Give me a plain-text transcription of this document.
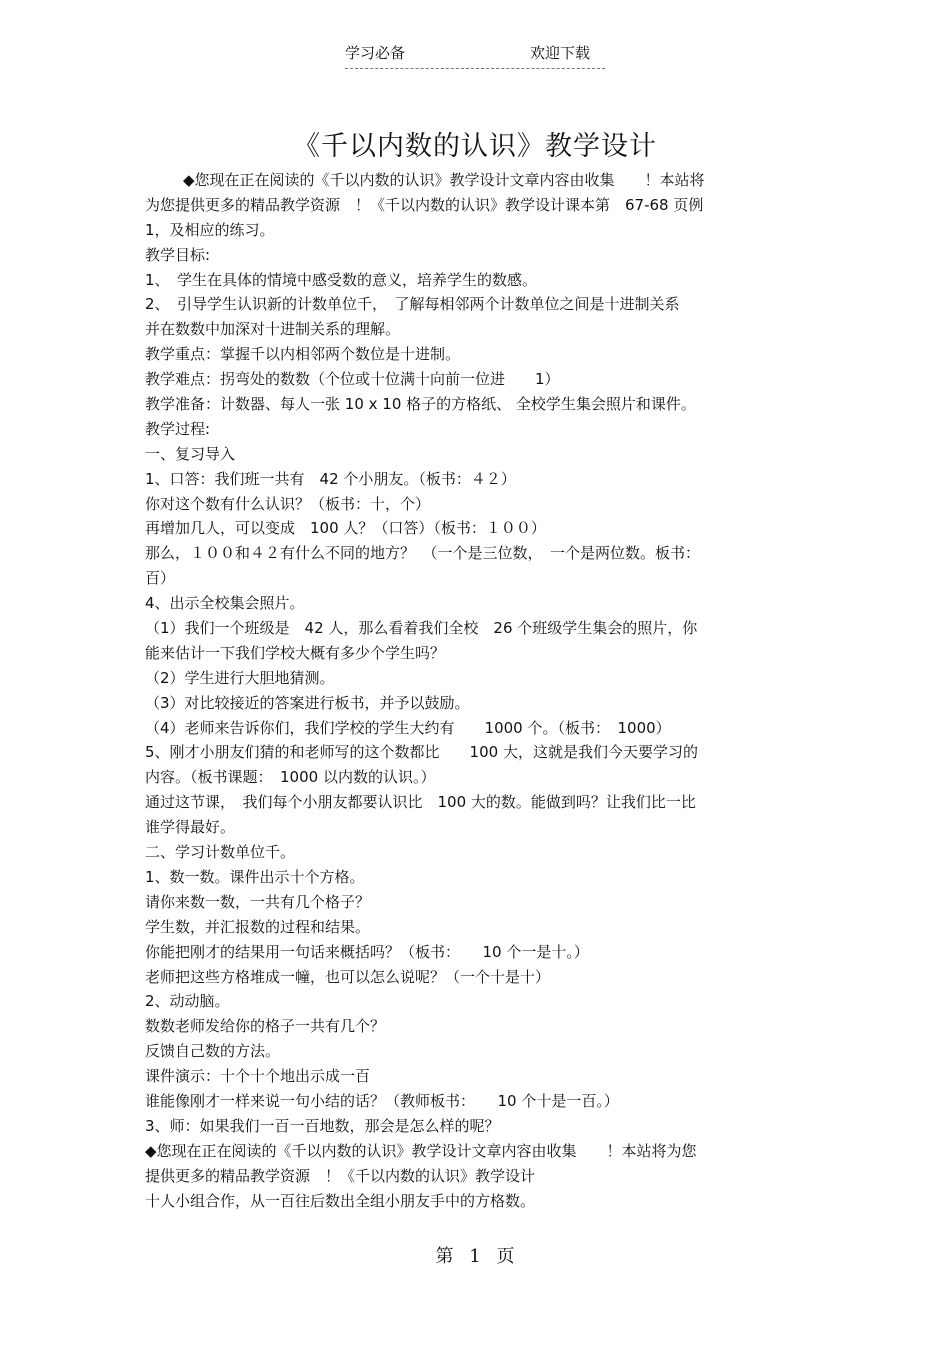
学习必备	欢迎下载
《千以内数的认识》教学设计
◆您现在正在阅读的《千以内数的认识》教学设计文章内容由收集　　！本站将
为您提供更多的精品教学资源　！《千以内数的认识》教学设计课本第　67-68 页例
1，及相应的练习。
教学目标:
1、　学生在具体的情境中感受数的意义，培养学生的数感。
2、　引导学生认识新的计数单位千，　了解每相邻两个计数单位之间是十进制关系
并在数数中加深对十进制关系的理解。
教学重点：掌握千以内相邻两个数位是十进制。
教学难点：拐弯处的数数（个位或十位满十向前一位进　　1）
教学准备：计数器、每人一张 10 x 10 格子的方格纸、 全校学生集会照片和课件。
教学过程:
一、复习导入
1、口答：我们班一共有　42 个小朋友。（板书：４２）
你对这个数有什么认识？（板书：十，个）
再增加几人，可以变成　100 人？（口答）（板书：１００）
那么，１００和４２有什么不同的地方？　（一个是三位数，　一个是两位数。板书：
百）
4、出示全校集会照片。
（1）我们一个班级是　42 人，那么看着我们全校　26 个班级学生集会的照片，你
能来估计一下我们学校大概有多少个学生吗？
（2）学生进行大胆地猜测。
（3）对比较接近的答案进行板书，并予以鼓励。
（4）老师来告诉你们，我们学校的学生大约有　　1000 个。（板书：　1000）
5、刚才小朋友们猜的和老师写的这个数都比　　100 大，这就是我们今天要学习的
内容。（板书课题：　1000 以内数的认识。）
通过这节课，　我们每个小朋友都要认识比　100 大的数。能做到吗？让我们比一比
谁学得最好。
二、学习计数单位千。
1、数一数。课件出示十个方格。
请你来数一数，一共有几个格子？
学生数，并汇报数的过程和结果。
你能把刚才的结果用一句话来概括吗？（板书：　　10 个一是十。）
老师把这些方格堆成一幢，也可以怎么说呢？（一个十是十）
2、动动脑。
数数老师发给你的格子一共有几个？
反馈自己数的方法。
课件演示：十个十个地出示成一百
谁能像刚才一样来说一句小结的话？（教师板书：　　10 个十是一百。）
3、师：如果我们一百一百地数，那会是怎么样的呢？
◆您现在正在阅读的《千以内数的认识》教学设计文章内容由收集　　！本站将为您
提供更多的精品教学资源　！《千以内数的认识》教学设计
十人小组合作，从一百往后数出全组小朋友手中的方格数。
第 1 页
